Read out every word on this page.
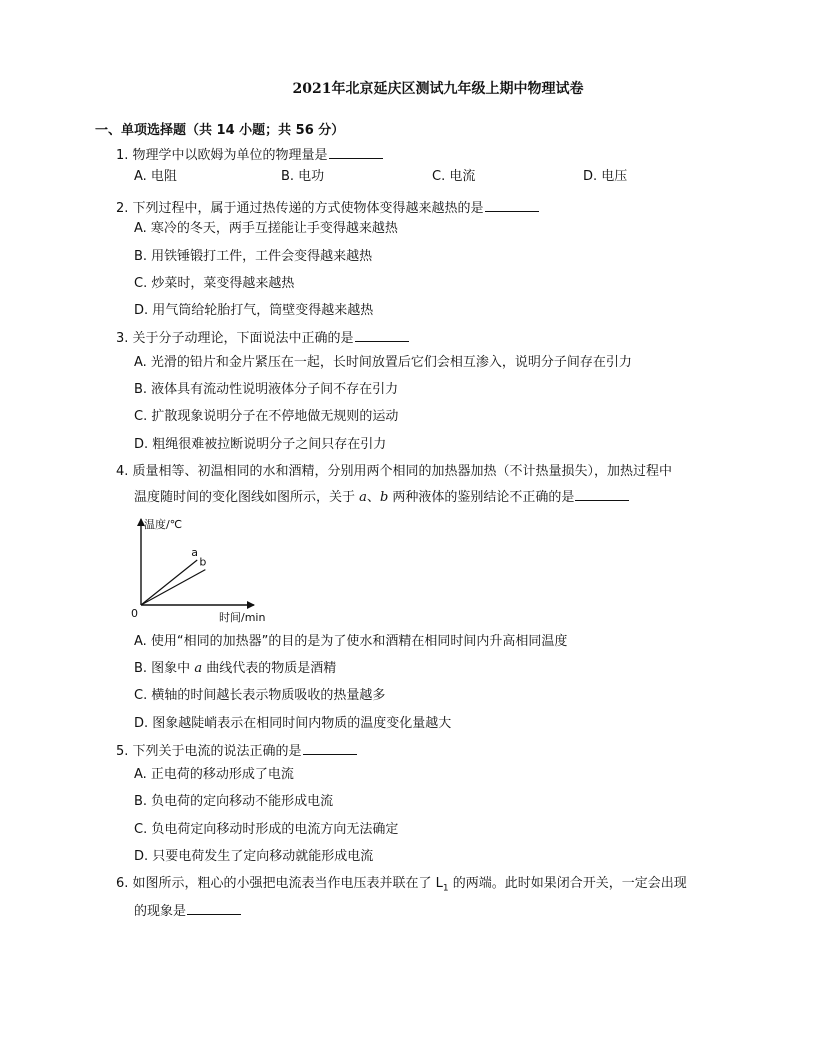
2021年北京延庆区测试九年级上期中物理试卷
一、单项选择题（共 14 小题；共 56 分）
1. 物理学中以欧姆为单位的物理量是
A. 电阻	B. 电功	C. 电流	D. 电压
2. 下列过程中，属于通过热传递的方式使物体变得越来越热的是
A. 寒冷的冬天，两手互搓能让手变得越来越热
B. 用铁锤锻打工件，工件会变得越来越热
C. 炒菜时，菜变得越来越热
D. 用气筒给轮胎打气，筒壁变得越来越热
3. 关于分子动理论，下面说法中正确的是
A. 光滑的铅片和金片紧压在一起，长时间放置后它们会相互渗入，说明分子间存在引力
B. 液体具有流动性说明液体分子间不存在引力
C. 扩散现象说明分子在不停地做无规则的运动
D. 粗绳很难被拉断说明分子之间只存在引力
4. 质量相等、初温相同的水和酒精，分别用两个相同的加热器加热（不计热量损失），加热过程中
温度随时间的变化图线如图所示，关于 a、b 两种液体的鉴别结论不正确的是
温度/℃
时间/min
0
a
b
A. 使用“相同的加热器”的目的是为了使水和酒精在相同时间内升高相同温度
B. 图象中 a 曲线代表的物质是酒精
C. 横轴的时间越长表示物质吸收的热量越多
D. 图象越陡峭表示在相同时间内物质的温度变化量越大
5. 下列关于电流的说法正确的是
A. 正电荷的移动形成了电流
B. 负电荷的定向移动不能形成电流
C. 负电荷定向移动时形成的电流方向无法确定
D. 只要电荷发生了定向移动就能形成电流
6. 如图所示，粗心的小强把电流表当作电压表并联在了 $L_1$ 的两端。此时如果闭合开关，一定会出现
的现象是
